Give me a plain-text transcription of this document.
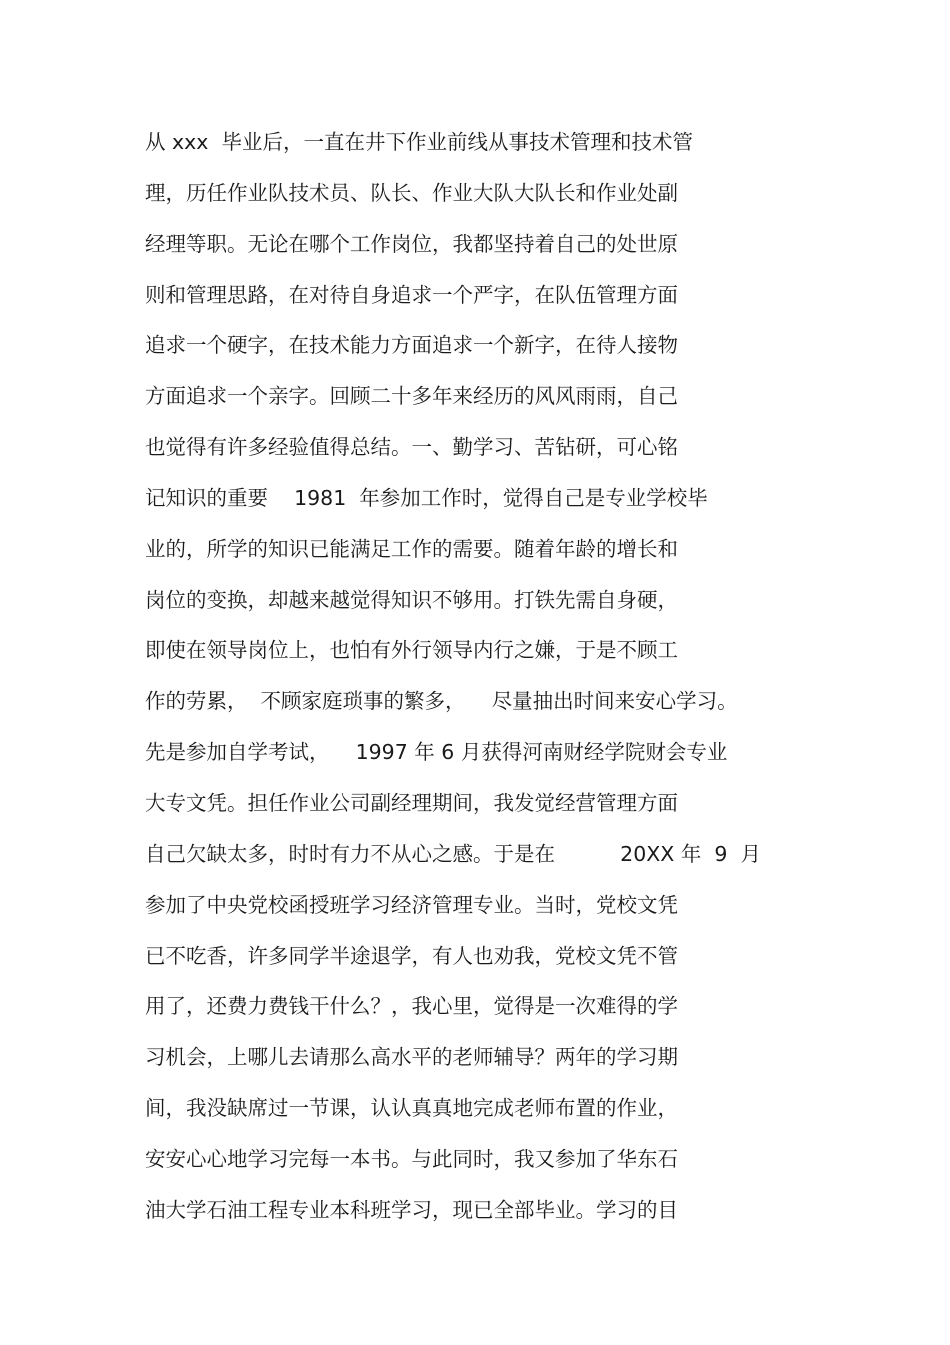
从 xxx  毕业后，一直在井下作业前线从事技术管理和技术管
理，历任作业队技术员、队长、作业大队大队长和作业处副
经理等职。无论在哪个工作岗位，我都坚持着自己的处世原
则和管理思路，在对待自身追求一个严字，在队伍管理方面
追求一个硬字，在技术能力方面追求一个新字，在待人接物
方面追求一个亲字。回顾二十多年来经历的风风雨雨，自己
也觉得有许多经验值得总结。一、勤学习、苦钻研，可心铭
记知识的重要    1981  年参加工作时，觉得自己是专业学校毕
业的，所学的知识已能满足工作的需要。随着年龄的增长和
岗位的变换，却越来越觉得知识不够用。打铁先需自身硬，
即使在领导岗位上，也怕有外行领导内行之嫌，于是不顾工
作的劳累，  不顾家庭琐事的繁多，    尽量抽出时间来安心学习。
先是参加自学考试，    1997 年 6 月获得河南财经学院财会专业
大专文凭。担任作业公司副经理期间，我发觉经营管理方面
自己欠缺太多，时时有力不从心之感。于是在          20XX 年  9  月
参加了中央党校函授班学习经济管理专业。当时，党校文凭
已不吃香，许多同学半途退学，有人也劝我，党校文凭不管
用了，还费力费钱干什么？，我心里，觉得是一次难得的学
习机会，上哪儿去请那么高水平的老师辅导？两年的学习期
间，我没缺席过一节课，认认真真地完成老师布置的作业，
安安心心地学习完每一本书。与此同时，我又参加了华东石
油大学石油工程专业本科班学习，现已全部毕业。学习的目
